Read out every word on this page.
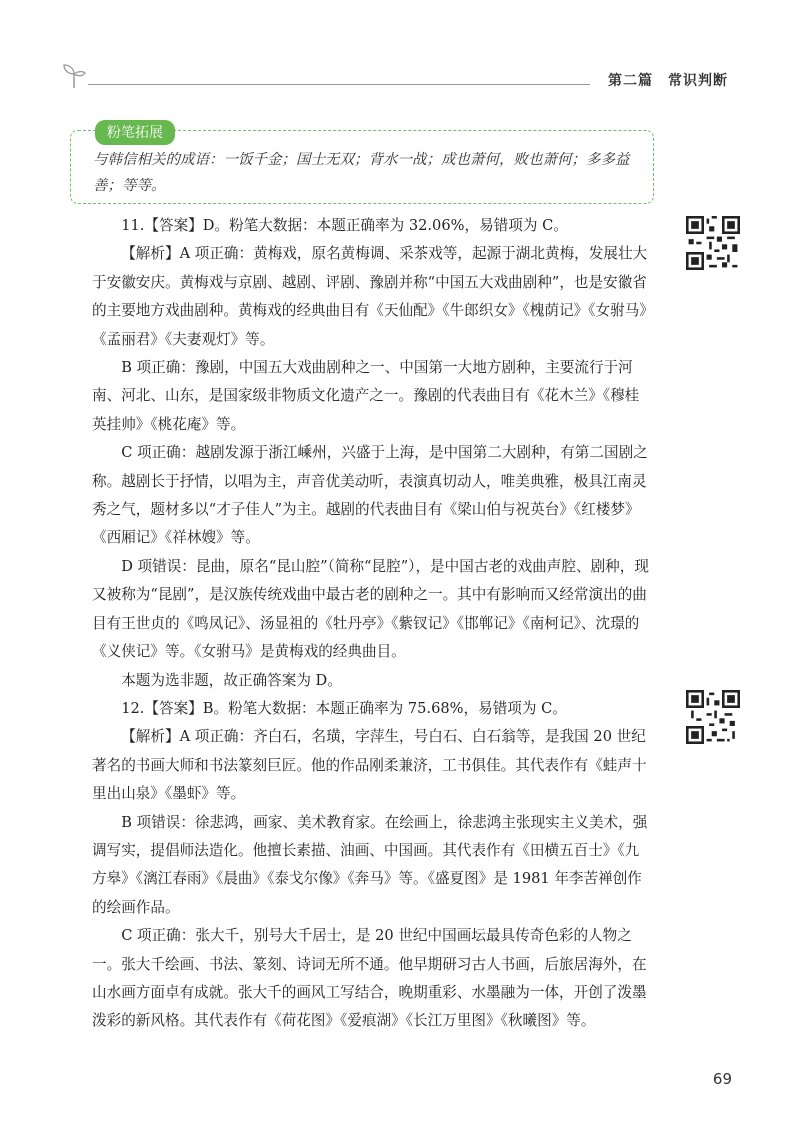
第二篇　常识判断
粉笔拓展
与韩信相关的成语：一饭千金；国士无双；背水一战；成也萧何，败也萧何；多多益善；等等。

11.【答案】D。粉笔大数据：本题正确率为 32.06%，易错项为 C。

【解析】A 项正确：黄梅戏，原名黄梅调、采茶戏等，起源于湖北黄梅，发展壮大于安徽安庆。黄梅戏与京剧、越剧、评剧、豫剧并称“中国五大戏曲剧种”，也是安徽省的主要地方戏曲剧种。黄梅戏的经典曲目有《天仙配》《牛郎织女》《槐荫记》《女驸马》《孟丽君》《夫妻观灯》等。

B 项正确：豫剧，中国五大戏曲剧种之一、中国第一大地方剧种，主要流行于河南、河北、山东，是国家级非物质文化遗产之一。豫剧的代表曲目有《花木兰》《穆桂英挂帅》《桃花庵》等。

C 项正确：越剧发源于浙江嵊州，兴盛于上海，是中国第二大剧种，有第二国剧之称。越剧长于抒情，以唱为主，声音优美动听，表演真切动人，唯美典雅，极具江南灵秀之气，题材多以“才子佳人”为主。越剧的代表曲目有《梁山伯与祝英台》《红楼梦》《西厢记》《祥林嫂》等。

D 项错误：昆曲，原名“昆山腔”（简称“昆腔”），是中国古老的戏曲声腔、剧种，现又被称为“昆剧”，是汉族传统戏曲中最古老的剧种之一。其中有影响而又经常演出的曲目有王世贞的《鸣凤记》、汤显祖的《牡丹亭》《紫钗记》《邯郸记》《南柯记》、沈璟的《义侠记》等。《女驸马》是黄梅戏的经典曲目。

本题为选非题，故正确答案为 D。

12.【答案】B。粉笔大数据：本题正确率为 75.68%，易错项为 C。

【解析】A 项正确：齐白石，名璜，字萍生，号白石、白石翁等，是我国 20 世纪著名的书画大师和书法篆刻巨匠。他的作品刚柔兼济，工书俱佳。其代表作有《蛙声十里出山泉》《墨虾》等。

B 项错误：徐悲鸿，画家、美术教育家。在绘画上，徐悲鸿主张现实主义美术，强调写实，提倡师法造化。他擅长素描、油画、中国画。其代表作有《田横五百士》《九方皋》《漓江春雨》《晨曲》《泰戈尔像》《奔马》等。《盛夏图》是 1981 年李苦禅创作的绘画作品。

C 项正确：张大千，别号大千居士，是 20 世纪中国画坛最具传奇色彩的人物之一。张大千绘画、书法、篆刻、诗词无所不通。他早期研习古人书画，后旅居海外，在山水画方面卓有成就。张大千的画风工写结合，晚期重彩、水墨融为一体，开创了泼墨泼彩的新风格。其代表作有《荷花图》《爱痕湖》《长江万里图》《秋曦图》等。

69
